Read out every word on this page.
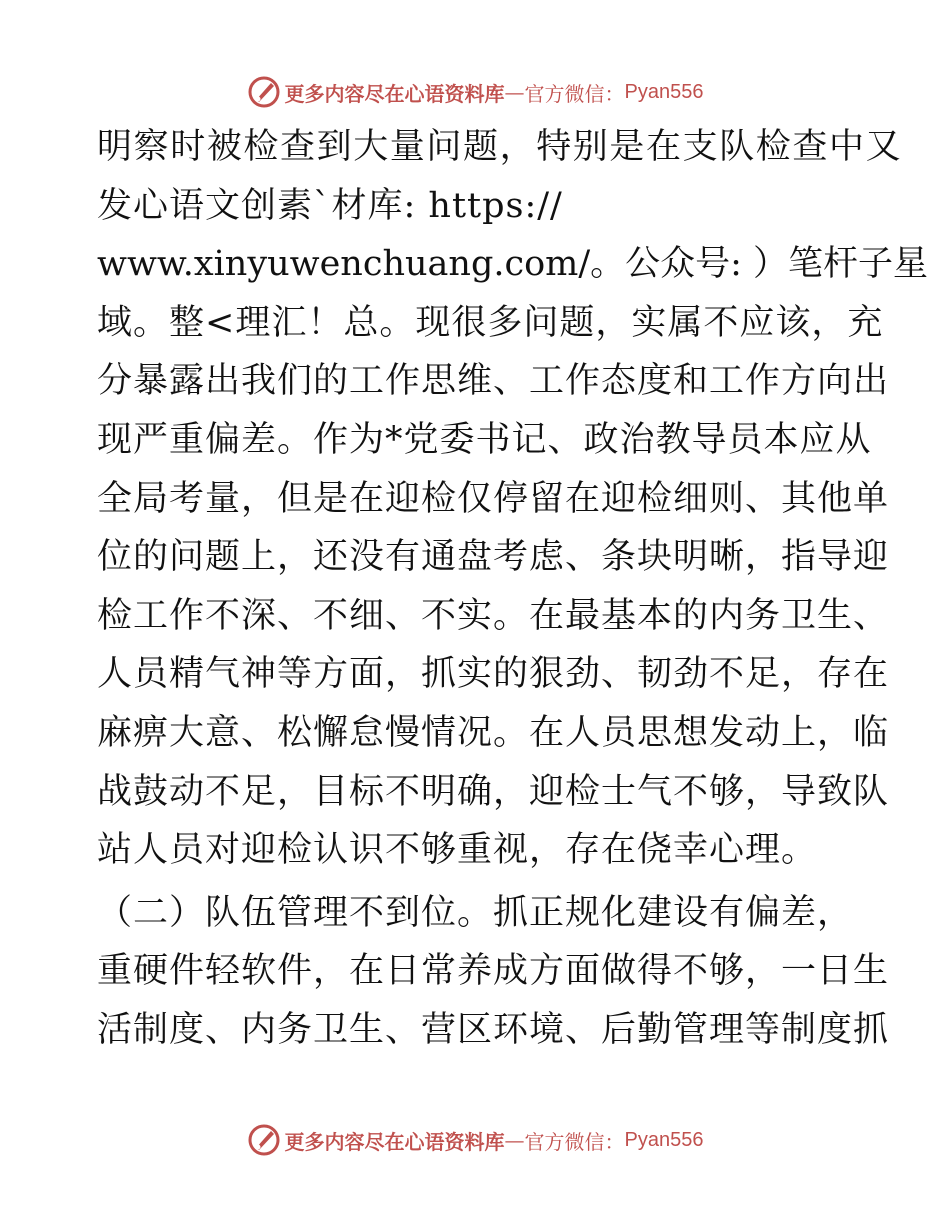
更多内容尽在心语资料库 — 官方微信： Pyan556
明察时被检查到大量问题，特别是在支队检查中又
发心语文创素`材库: https://
www.xinyuwenchuang.com/。公众号: ）笔杆子星
域。整<理汇！总。现很多问题，实属不应该，充
分暴露出我们的工作思维、工作态度和工作方向出
现严重偏差。作为*党委书记、政治教导员本应从
全局考量，但是在迎检仅停留在迎检细则、其他单
位的问题上，还没有通盘考虑、条块明晰，指导迎
检工作不深、不细、不实。在最基本的内务卫生、
人员精气神等方面，抓实的狠劲、韧劲不足，存在
麻痹大意、松懈怠慢情况。在人员思想发动上，临
战鼓动不足，目标不明确，迎检士气不够，导致队
站人员对迎检认识不够重视，存在侥幸心理。
（二）队伍管理不到位。抓正规化建设有偏差，
重硬件轻软件，在日常养成方面做得不够，一日生
活制度、内务卫生、营区环境、后勤管理等制度抓
更多内容尽在心语资料库 — 官方微信： Pyan556
